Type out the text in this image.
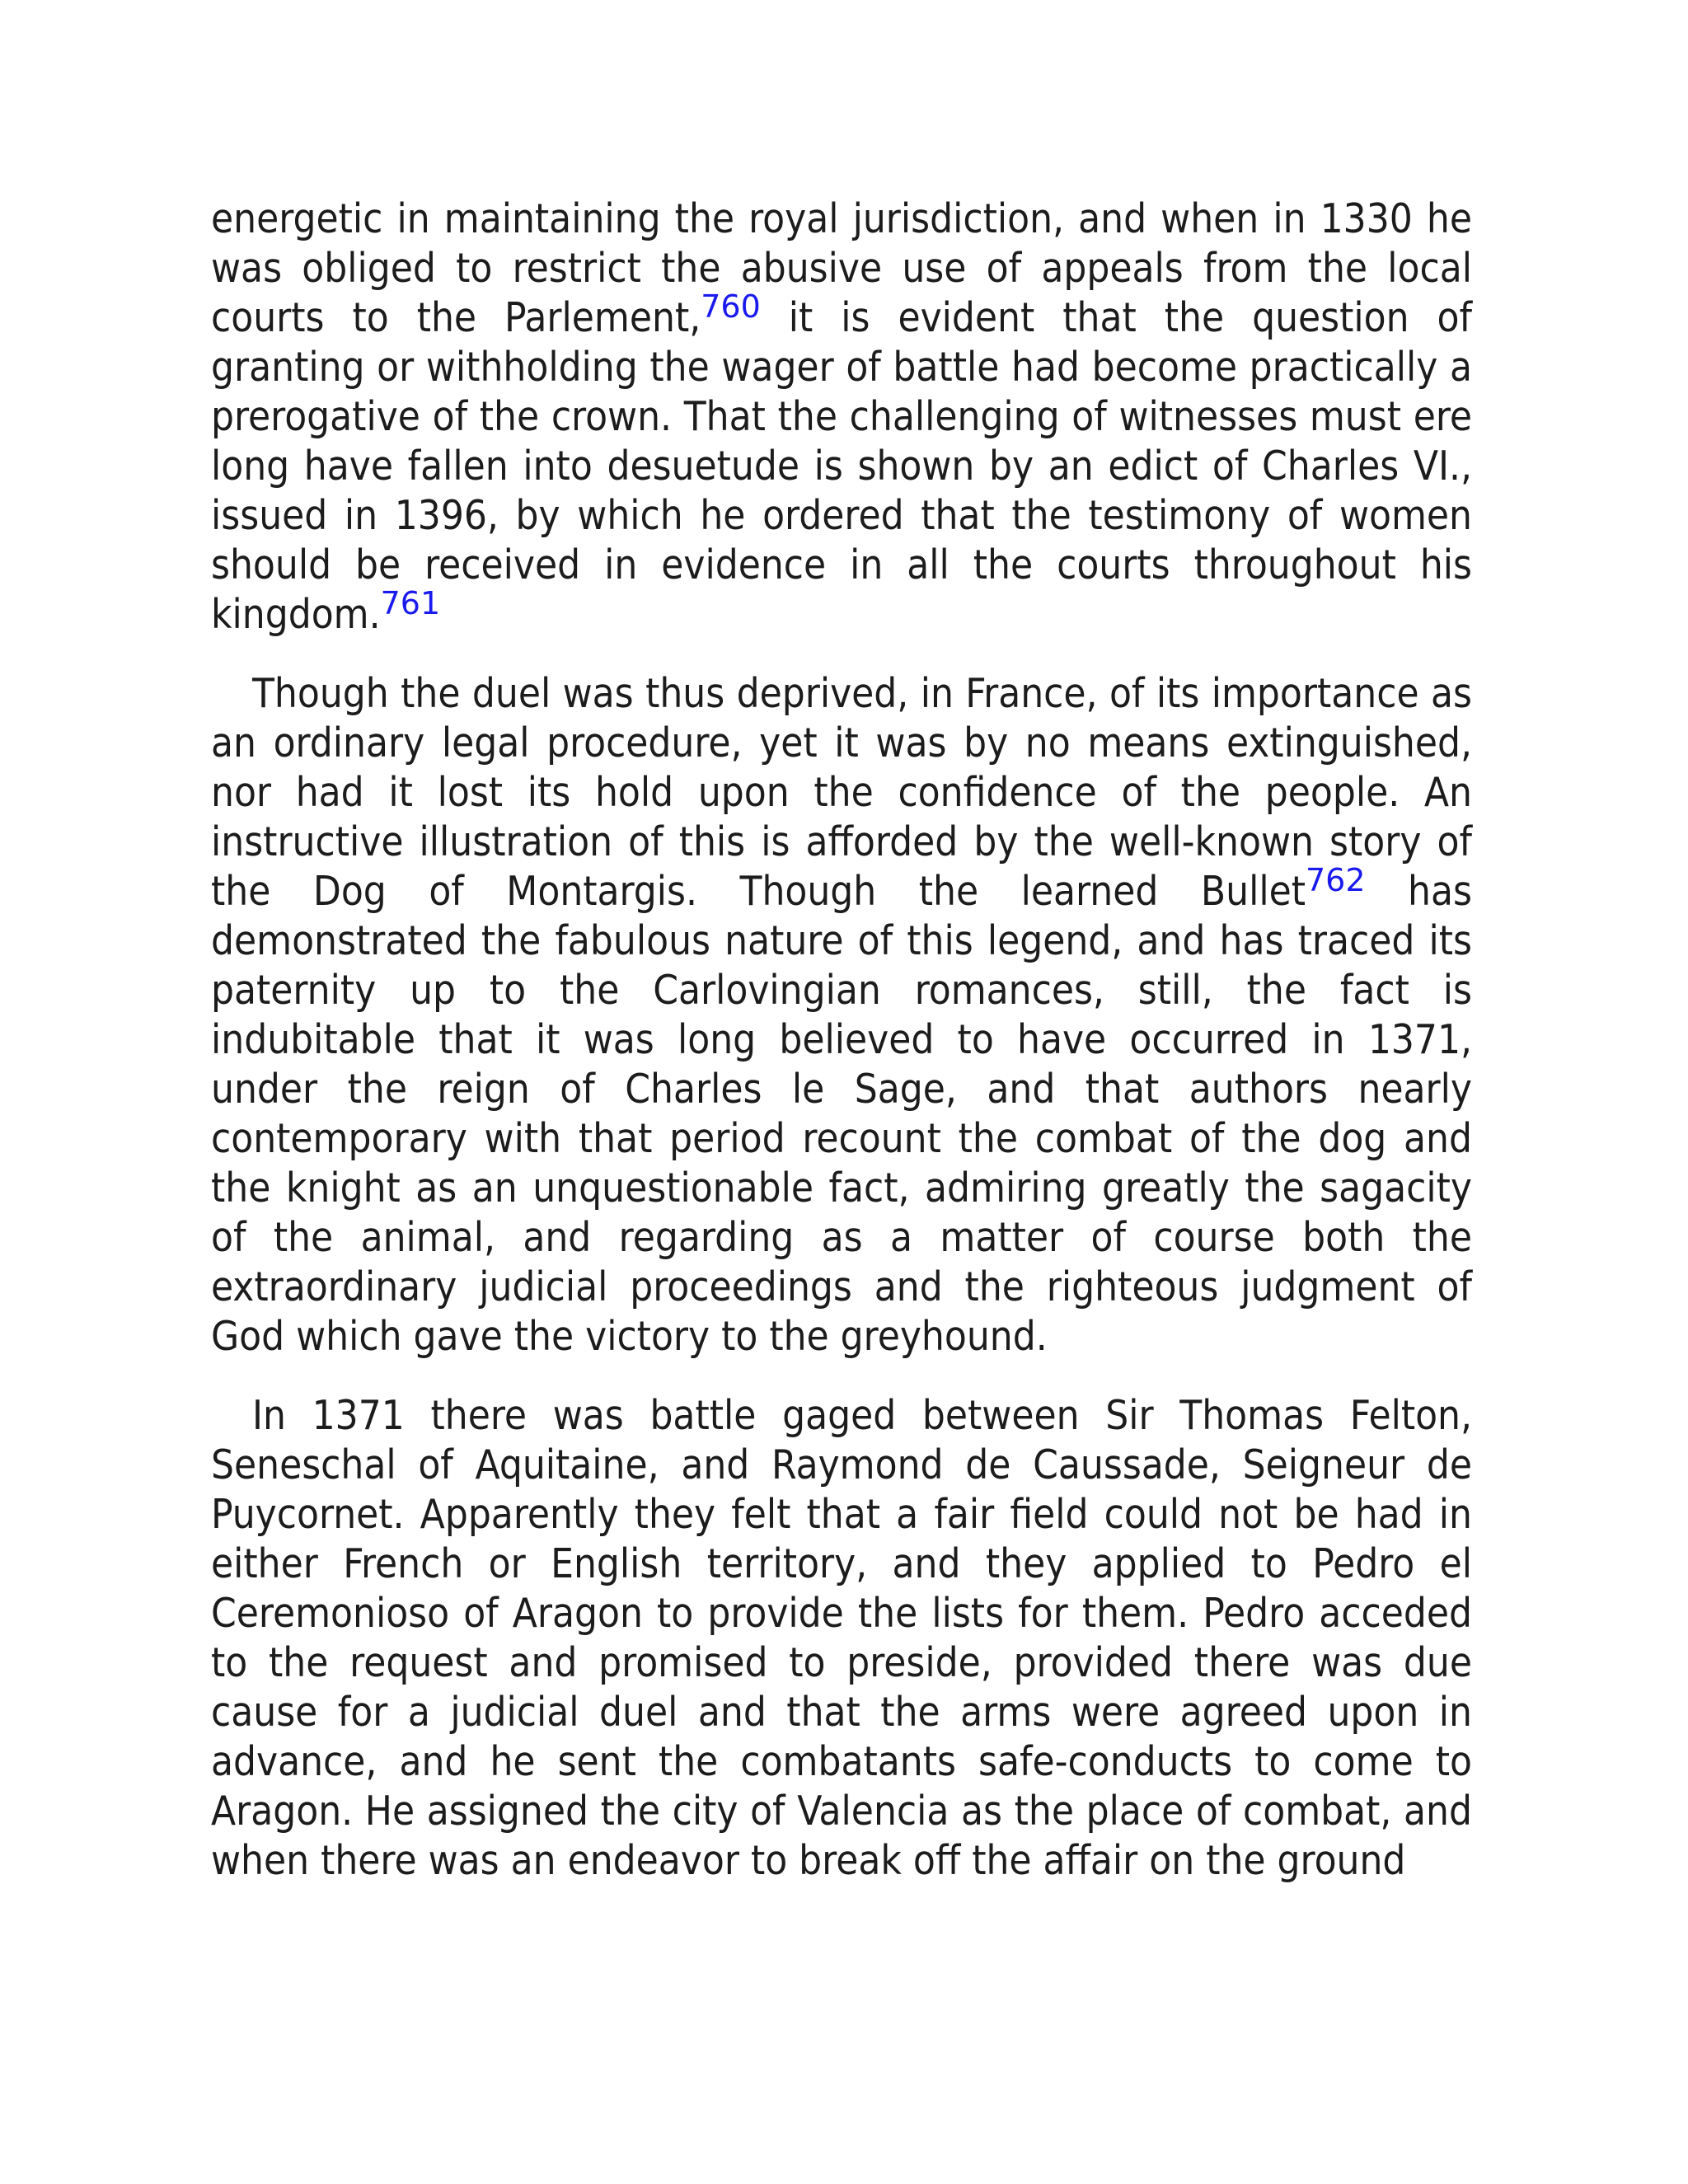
energetic in maintaining the royal jurisdiction, and when in 1330 he was obliged to restrict the abusive use of appeals from the local courts to the Parlement,$^{760}$ it is evident that the question of granting or withholding the wager of battle had become practically a prerogative of the crown. That the challenging of witnesses must ere long have fallen into desuetude is shown by an edict of Charles VI., issued in 1396, by which he ordered that the testimony of women should be received in evidence in all the courts throughout his kingdom.$^{761}$

Though the duel was thus deprived, in France, of its importance as an ordinary legal procedure, yet it was by no means extinguished, nor had it lost its hold upon the confidence of the people. An instructive illustration of this is afforded by the well-known story of the Dog of Montargis. Though the learned Bullet$^{762}$ has demonstrated the fabulous nature of this legend, and has traced its paternity up to the Carlovingian romances, still, the fact is indubitable that it was long believed to have occurred in 1371, under the reign of Charles le Sage, and that authors nearly contemporary with that period recount the combat of the dog and the knight as an unquestionable fact, admiring greatly the sagacity of the animal, and regarding as a matter of course both the extraordinary judicial proceedings and the righteous judgment of God which gave the victory to the greyhound.

In 1371 there was battle gaged between Sir Thomas Felton, Seneschal of Aquitaine, and Raymond de Caussade, Seigneur de Puycornet. Apparently they felt that a fair field could not be had in either French or English territory, and they applied to Pedro el Ceremonioso of Aragon to provide the lists for them. Pedro acceded to the request and promised to preside, provided there was due cause for a judicial duel and that the arms were agreed upon in advance, and he sent the combatants safe-conducts to come to Aragon. He assigned the city of Valencia as the place of combat, and when there was an endeavor to break off the affair on the ground
